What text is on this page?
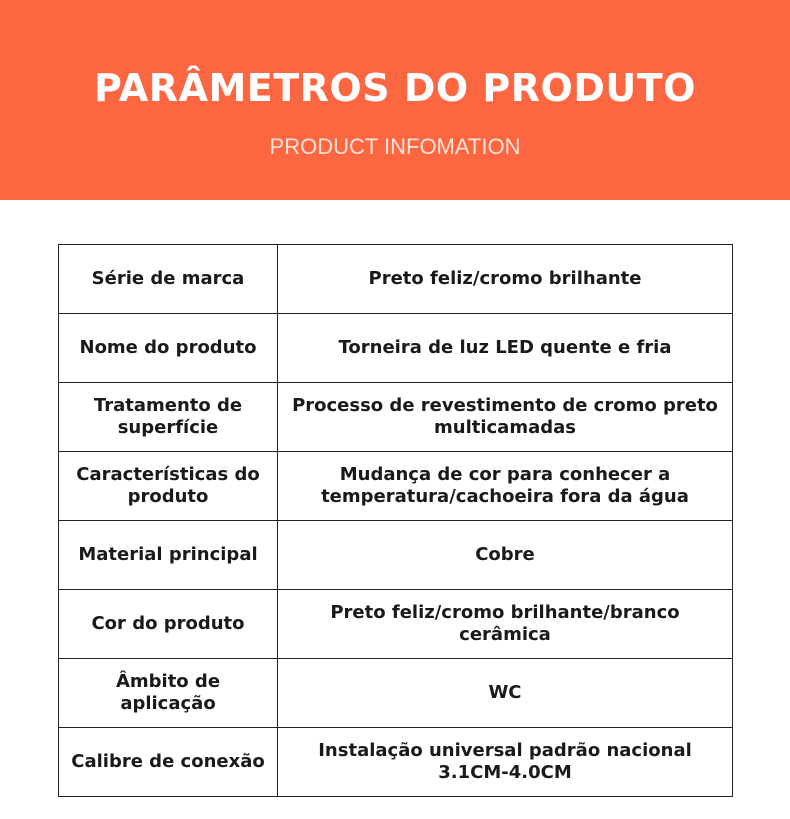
PARÂMETROS DO PRODUTO
PRODUCT INFOMATION
Série de marca	Preto feliz/cromo brilhante
Nome do produto	Torneira de luz LED quente e fria
Tratamento de superfície	Processo de revestimento de cromo preto multicamadas
Características do produto	Mudança de cor para conhecer a temperatura/cachoeira fora da água
Material principal	Cobre
Cor do produto	Preto feliz/cromo brilhante/branco cerâmica
Âmbito de aplicação	WC
Calibre de conexão	Instalação universal padrão nacional 3.1CM-4.0CM
